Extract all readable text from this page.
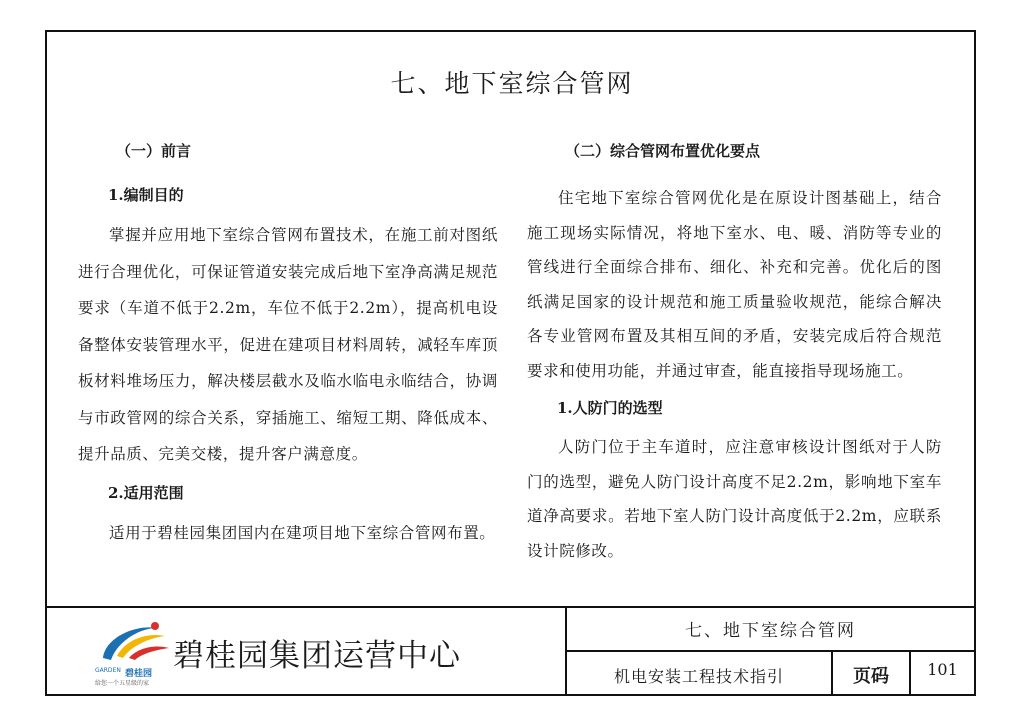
七、地下室综合管网
（一）前言
1.编制目的
掌握并应用地下室综合管网布置技术，在施工前对图纸进行合理优化，可保证管道安装完成后地下室净高满足规范要求（车道不低于2.2m，车位不低于2.2m），提高机电设备整体安装管理水平，促进在建项目材料周转，减轻车库顶板材料堆场压力，解决楼层截水及临水临电永临结合，协调与市政管网的综合关系，穿插施工、缩短工期、降低成本、提升品质、完美交楼，提升客户满意度。
2.适用范围
适用于碧桂园集团国内在建项目地下室综合管网布置。
（二）综合管网布置优化要点
住宅地下室综合管网优化是在原设计图基础上，结合施工现场实际情况，将地下室水、电、暖、消防等专业的管线进行全面综合排布、细化、补充和完善。优化后的图纸满足国家的设计规范和施工质量验收规范，能综合解决各专业管网布置及其相互间的矛盾，安装完成后符合规范要求和使用功能，并通过审查，能直接指导现场施工。
1.人防门的选型
人防门位于主车道时，应注意审核设计图纸对于人防门的选型，避免人防门设计高度不足2.2m，影响地下室车道净高要求。若地下室人防门设计高度低于2.2m，应联系设计院修改。
GARDEN 碧桂园
给您一个五星级的家
碧桂园集团运营中心
七、地下室综合管网
机电安装工程技术指引	页码	101
